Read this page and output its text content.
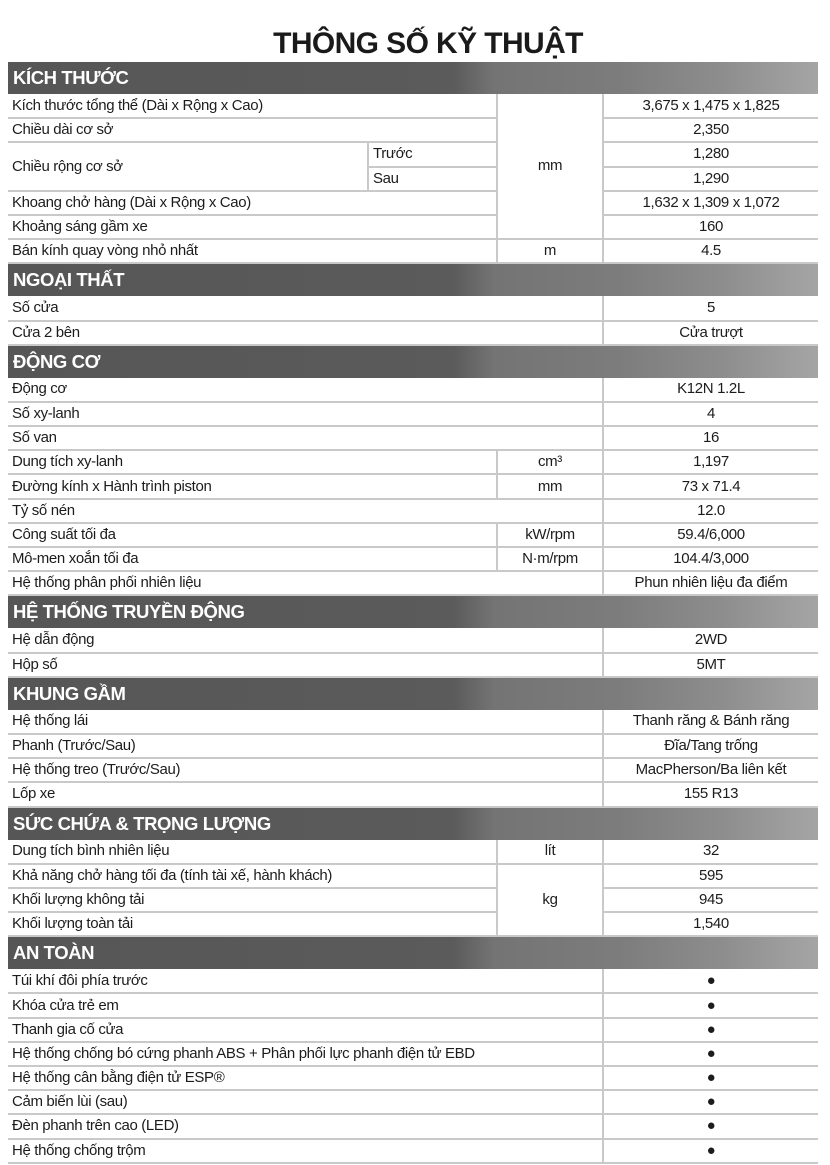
THÔNG SỐ KỸ THUẬT
KÍCH THƯỚC			
Kích thước tổng thể (Dài x Rộng x Cao)		mm	3,675 x 1,475 x 1,825
Chiều dài cơ sở			2,350
Chiều rộng cơ sở	Trước		1,280
	Sau		1,290
Khoang chở hàng (Dài x Rộng x Cao)			1,632 x 1,309 x 1,072
Khoảng sáng gầm xe			160
Bán kính quay vòng nhỏ nhất		m	4.5
NGOẠI THẤT			
Số cửa			5
Cửa 2 bên			Cửa trượt
ĐỘNG CƠ			
Động cơ			K12N 1.2L
Số xy-lanh			4
Số van			16
Dung tích xy-lanh		cm³	1,197
Đường kính x Hành trình piston		mm	73 x 71.4
Tỷ số nén			12.0
Công suất tối đa		kW/rpm	59.4/6,000
Mô-men xoắn tối đa		N·m/rpm	104.4/3,000
Hệ thống phân phối nhiên liệu			Phun nhiên liệu đa điểm
HỆ THỐNG TRUYỀN ĐỘNG			
Hệ dẫn động			2WD
Hộp số			5MT
KHUNG GẦM			
Hệ thống lái			Thanh răng & Bánh răng
Phanh (Trước/Sau)			Đĩa/Tang trống
Hệ thống treo (Trước/Sau)			MacPherson/Ba liên kết
Lốp xe			155 R13
SỨC CHỨA & TRỌNG LƯỢNG			
Dung tích bình nhiên liệu		lít	32
Khả năng chở hàng tối đa (tính tài xế, hành khách)		kg	595
Khối lượng không tải			945
Khối lượng toàn tải			1,540
AN TOÀN			
Túi khí đôi phía trước			●
Khóa cửa trẻ em			●
Thanh gia cố cửa			●
Hệ thống chống bó cứng phanh ABS + Phân phối lực phanh điện tử EBD			●
Hệ thống cân bằng điện tử ESP®			●
Cảm biến lùi (sau)			●
Đèn phanh trên cao (LED)			●
Hệ thống chống trộm			●
